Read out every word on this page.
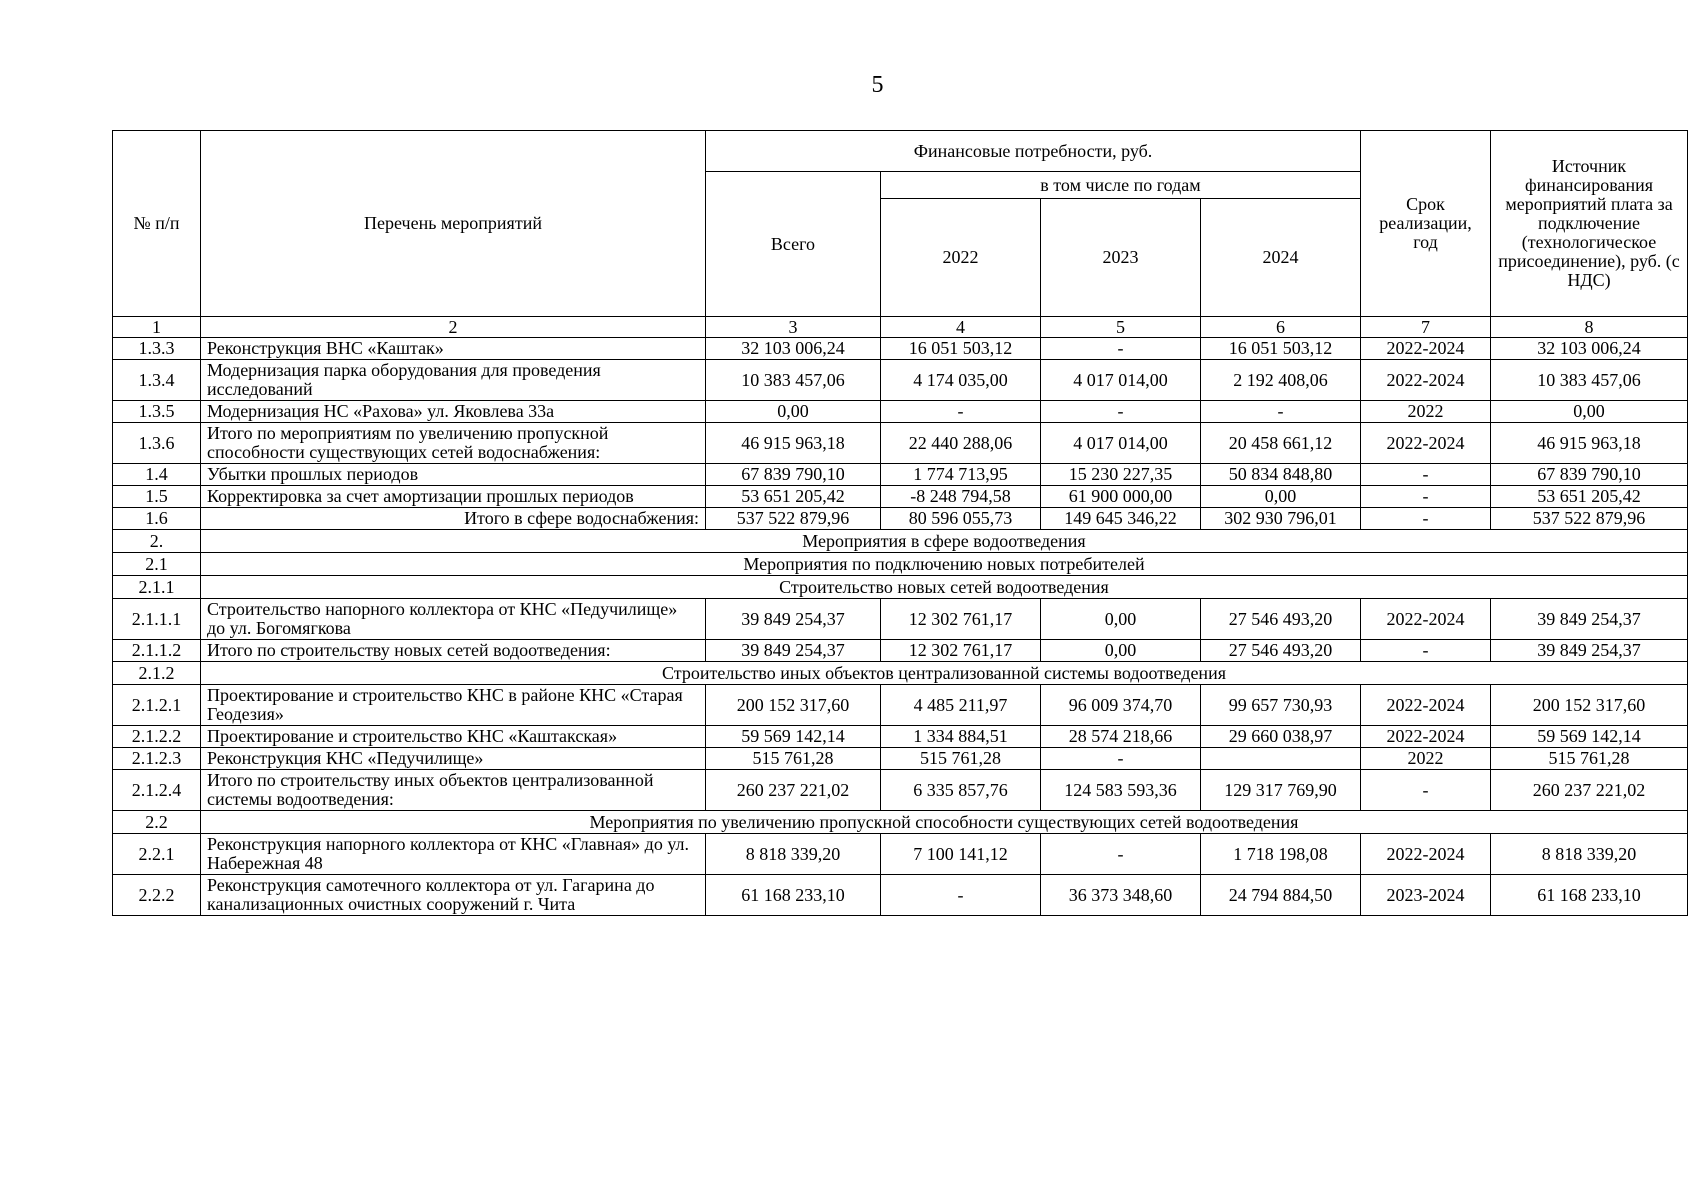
5
№ п/п	Перечень мероприятий	Финансовые потребности, руб.				Срок реализации, год	Источник финансирования мероприятий плата за подключение (технологическое присоединение), руб. (с НДС)
		Всего	в том числе по годам				
			2022	2023	2024		
1	2	3	4	5	6	7	8
1.3.3	Реконструкция ВНС «Каштак»	32 103 006,24	16 051 503,12	-	16 051 503,12	2022-2024	32 103 006,24
1.3.4	Модернизация парка оборудования для проведения исследований	10 383 457,06	4 174 035,00	4 017 014,00	2 192 408,06	2022-2024	10 383 457,06
1.3.5	Модернизация НС «Рахова» ул. Яковлева 33а	0,00	-	-	-	2022	0,00
1.3.6	Итого по мероприятиям по увеличению пропускной способности существующих сетей водоснабжения:	46 915 963,18	22 440 288,06	4 017 014,00	20 458 661,12	2022-2024	46 915 963,18
1.4	Убытки прошлых периодов	67 839 790,10	1 774 713,95	15 230 227,35	50 834 848,80	-	67 839 790,10
1.5	Корректировка за счет амортизации прошлых периодов	53 651 205,42	-8 248 794,58	61 900 000,00	0,00	-	53 651 205,42
1.6	Итого в сфере водоснабжения:	537 522 879,96	80 596 055,73	149 645 346,22	302 930 796,01	-	537 522 879,96
2.	Мероприятия в сфере водоотведения						
2.1	Мероприятия по подключению новых потребителей						
2.1.1	Строительство новых сетей водоотведения						
2.1.1.1	Строительство напорного коллектора от КНС «Педучилище» до ул. Богомягкова	39 849 254,37	12 302 761,17	0,00	27 546 493,20	2022-2024	39 849 254,37
2.1.1.2	Итого по строительству новых сетей водоотведения:	39 849 254,37	12 302 761,17	0,00	27 546 493,20	-	39 849 254,37
2.1.2	Строительство иных объектов централизованной системы водоотведения						
2.1.2.1	Проектирование и строительство КНС в районе КНС «Старая Геодезия»	200 152 317,60	4 485 211,97	96 009 374,70	99 657 730,93	2022-2024	200 152 317,60
2.1.2.2	Проектирование и строительство КНС «Каштакская»	59 569 142,14	1 334 884,51	28 574 218,66	29 660 038,97	2022-2024	59 569 142,14
2.1.2.3	Реконструкция КНС «Педучилище»	515 761,28	515 761,28	-		2022	515 761,28
2.1.2.4	Итого по строительству иных объектов централизованной системы водоотведения:	260 237 221,02	6 335 857,76	124 583 593,36	129 317 769,90	-	260 237 221,02
2.2	Мероприятия по увеличению пропускной способности существующих сетей водоотведения						
2.2.1	Реконструкция напорного коллектора от КНС «Главная» до ул. Набережная 48	8 818 339,20	7 100 141,12	-	1 718 198,08	2022-2024	8 818 339,20
2.2.2	Реконструкция самотечного коллектора от ул. Гагарина до канализационных очистных сооружений г. Чита	61 168 233,10	-	36 373 348,60	24 794 884,50	2023-2024	61 168 233,10
